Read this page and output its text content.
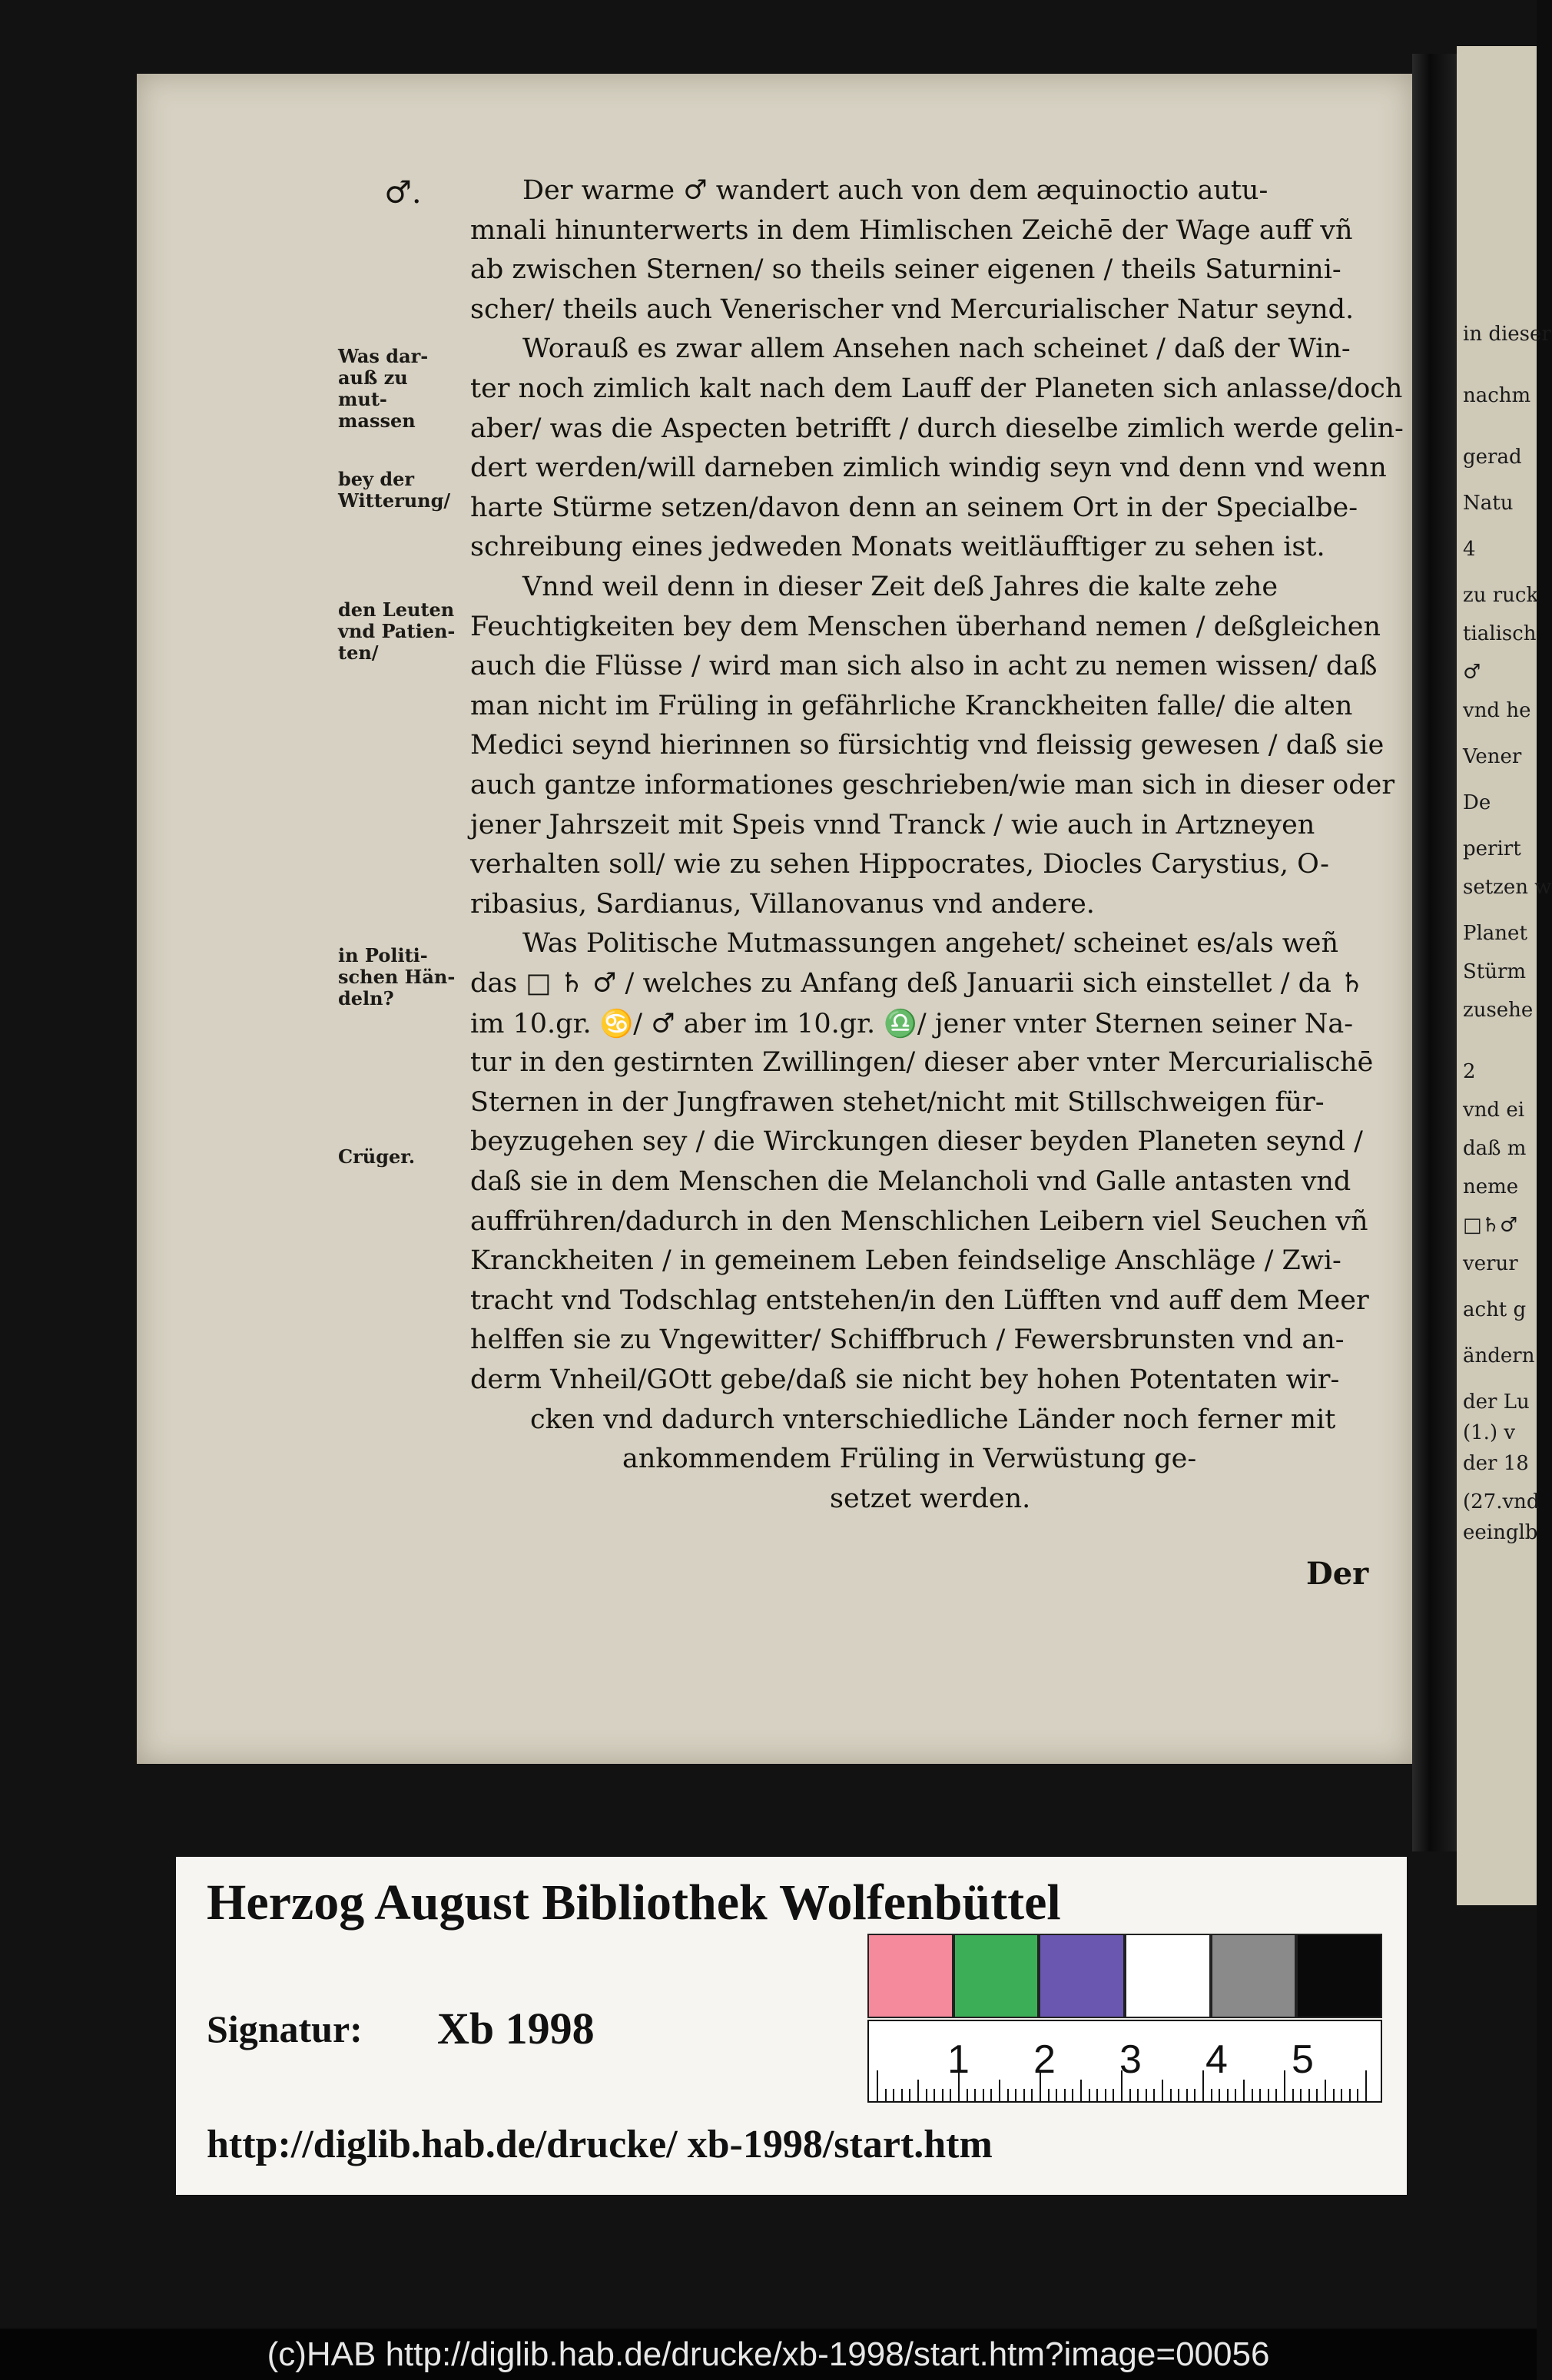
in dieser
nachm
gerad
Natu
4
zu ruck
tialisch
♂
vnd he
Vener
De
perirt
setzen w
Planet
Stürm
zusehe
2
vnd ei
daß m
neme
□♄♂
verur
acht g
ändern
der Lu
(1.) v
der 18
(27.vnd
eeinglb
♂.
Was dar- auß zu mut- massen
bey der Witterung/
den Leuten vnd Patien- ten/
in Politi- schen Hän- deln?
Crüger.
Der warme ♂ wandert auch von dem æquinoctio autu-
mnali hinunterwerts in dem Himlischen Zeichē der Wage auff vñ
ab zwischen Sternen/ so theils seiner eigenen / theils Saturnini-
scher/ theils auch Venerischer vnd Mercurialischer Natur seynd.
Worauß es zwar allem Ansehen nach scheinet / daß der Win-
ter noch zimlich kalt nach dem Lauff der Planeten sich anlasse/doch
aber/ was die Aspecten betrifft / durch dieselbe zimlich werde gelin-
dert werden/will darneben zimlich windig seyn vnd denn vnd wenn
harte Stürme setzen/davon denn an seinem Ort in der Specialbe-
schreibung eines jedweden Monats weitläufftiger zu sehen ist.
Vnnd weil denn in dieser Zeit deß Jahres die kalte zehe
Feuchtigkeiten bey dem Menschen überhand nemen / deßgleichen
auch die Flüsse / wird man sich also in acht zu nemen wissen/ daß
man nicht im Früling in gefährliche Kranckheiten falle/ die alten
Medici seynd hierinnen so fürsichtig vnd fleissig gewesen / daß sie
auch gantze informationes geschrieben/wie man sich in dieser oder
jener Jahrszeit mit Speis vnnd Tranck / wie auch in Artzneyen
verhalten soll/ wie zu sehen Hippocrates, Diocles Carystius, O-
ribasius, Sardianus, Villanovanus vnd andere.
Was Politische Mutmassungen angehet/ scheinet es/als weñ
das □ ♄ ♂ / welches zu Anfang deß Januarii sich einstellet / da ♄
im 10.gr. ♋/ ♂ aber im 10.gr. ♎/ jener vnter Sternen seiner Na-
tur in den gestirnten Zwillingen/ dieser aber vnter Mercurialischē
Sternen in der Jungfrawen stehet/nicht mit Stillschweigen für-
beyzugehen sey / die Wirckungen dieser beyden Planeten seynd /
daß sie in dem Menschen die Melancholi vnd Galle antasten vnd
auffrühren/dadurch in den Menschlichen Leibern viel Seuchen vñ
Kranckheiten / in gemeinem Leben feindselige Anschläge / Zwi-
tracht vnd Todschlag entstehen/in den Lüfften vnd auff dem Meer
helffen sie zu Vngewitter/ Schiffbruch / Fewersbrunsten vnd an-
derm Vnheil/GOtt gebe/daß sie nicht bey hohen Potentaten wir-
cken vnd dadurch vnterschiedliche Länder noch ferner mit
ankommendem Früling in Verwüstung ge-
setzet werden.
Der
Herzog August Bibliothek Wolfenbüttel
Signatur: Xb 1998
1 2 3 4 5
http://diglib.hab.de/drucke/ xb-1998/start.htm
(c)HAB http://diglib.hab.de/drucke/xb-1998/start.htm?image=00056
